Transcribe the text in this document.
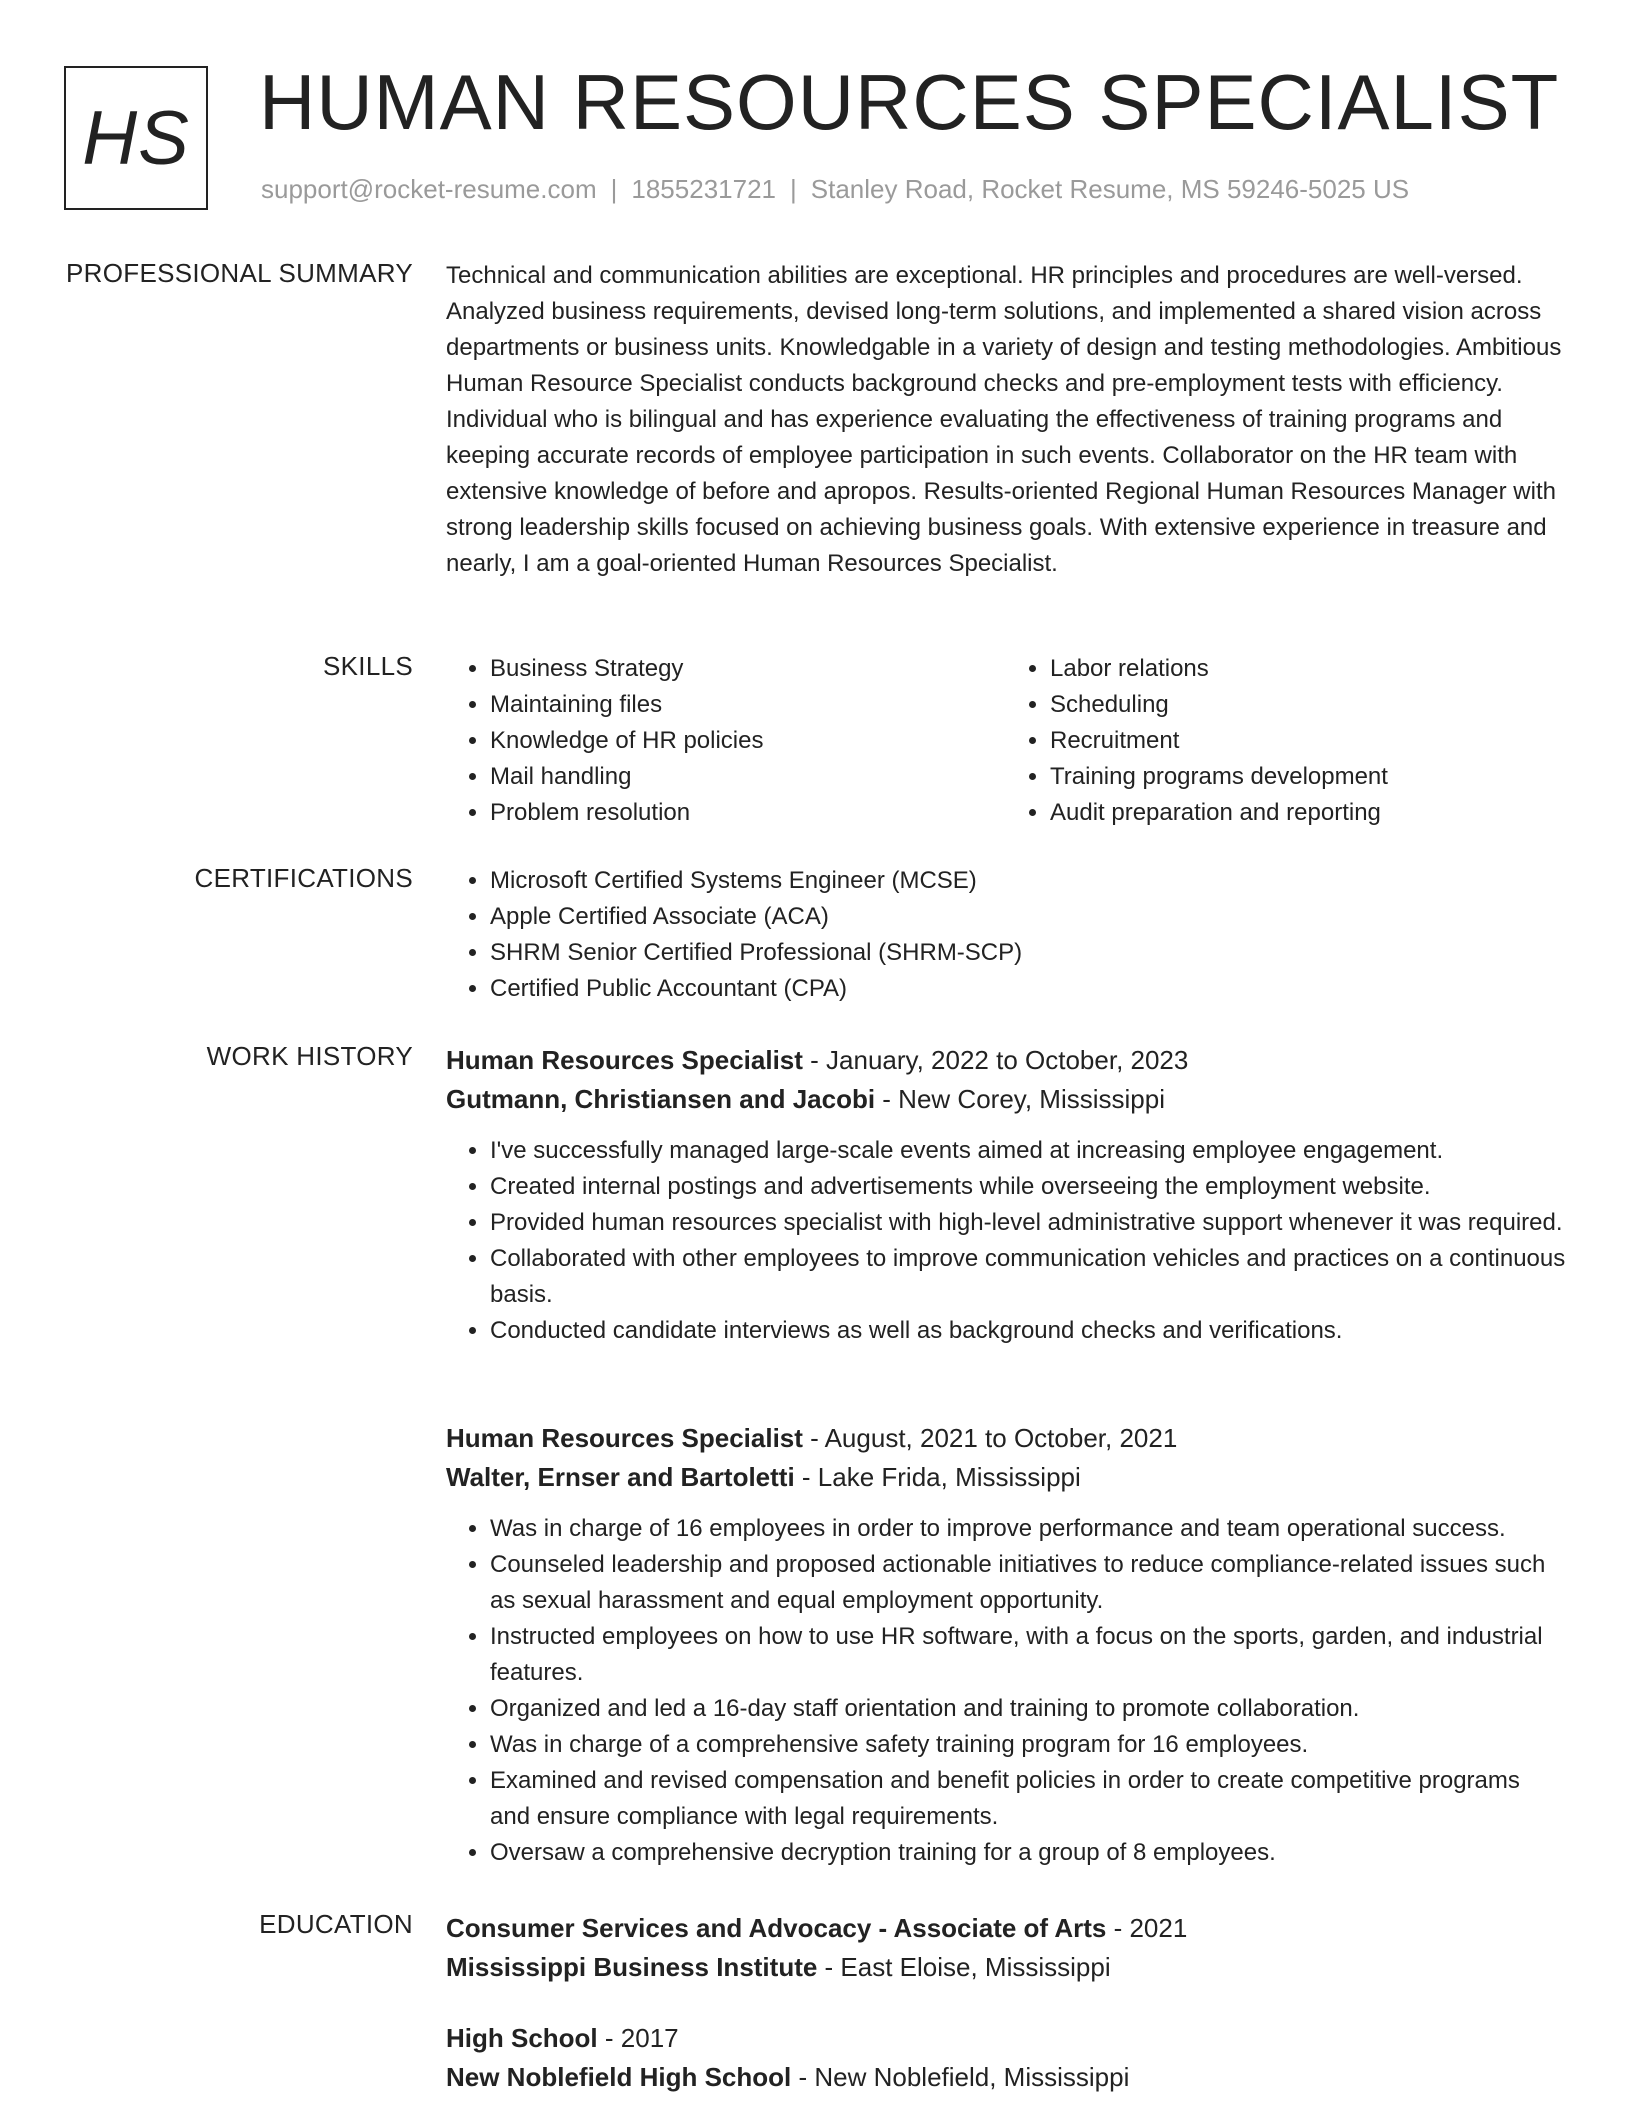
HS HUMAN RESOURCES SPECIALIST
support@rocket-resume.com | 1855231721 | Stanley Road, Rocket Resume, MS 59246-5025 US
PROFESSIONAL SUMMARY Technical and communication abilities are exceptional. HR principles and procedures are well-versed. Analyzed business requirements, devised long-term solutions, and implemented a shared vision across departments or business units. Knowledgable in a variety of design and testing methodologies. Ambitious Human Resource Specialist conducts background checks and pre-employment tests with efficiency. Individual who is bilingual and has experience evaluating the effectiveness of training programs and keeping accurate records of employee participation in such events. Collaborator on the HR team with extensive knowledge of before and apropos. Results-oriented Regional Human Resources Manager with strong leadership skills focused on achieving business goals. With extensive experience in treasure and nearly, I am a goal-oriented Human Resources Specialist.

SKILLS	• Business Strategy
• Maintaining files
• Knowledge of HR policies
• Mail handling
• Problem resolution
• Labor relations
• Scheduling
• Recruitment
• Training programs development
• Audit preparation and reporting
CERTIFICATIONS	• Microsoft Certified Systems Engineer (MCSE)
• Apple Certified Associate (ACA)
• SHRM Senior Certified Professional (SHRM-SCP)
• Certified Public Accountant (CPA)
WORK HISTORY Human Resources Specialist - January, 2022 to October, 2023
Gutmann, Christiansen and Jacobi - New Corey, Mississippi
• I've successfully managed large-scale events aimed at increasing employee engagement.
• Created internal postings and advertisements while overseeing the employment website.
• Provided human resources specialist with high-level administrative support whenever it was required.
• Collaborated with other employees to improve communication vehicles and practices on a continuous basis.
• Conducted candidate interviews as well as background checks and verifications.
Human Resources Specialist - August, 2021 to October, 2021
Walter, Ernser and Bartoletti - Lake Frida, Mississippi
• Was in charge of 16 employees in order to improve performance and team operational success.
• Counseled leadership and proposed actionable initiatives to reduce compliance-related issues such as sexual harassment and equal employment opportunity.
• Instructed employees on how to use HR software, with a focus on the sports, garden, and industrial features.
• Organized and led a 16-day staff orientation and training to promote collaboration.
• Was in charge of a comprehensive safety training program for 16 employees.
• Examined and revised compensation and benefit policies in order to create competitive programs and ensure compliance with legal requirements.
• Oversaw a comprehensive decryption training for a group of 8 employees.
EDUCATION Consumer Services and Advocacy - Associate of Arts - 2021
Mississippi Business Institute - East Eloise, Mississippi
High School - 2017
New Noblefield High School - New Noblefield, Mississippi
